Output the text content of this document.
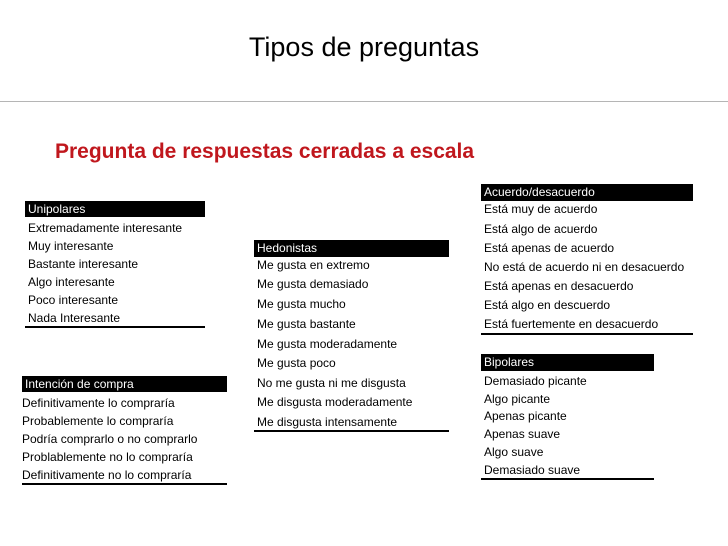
Tipos de preguntas
Pregunta de respuestas cerradas a escala
Unipolares
Extremadamente interesante
Muy interesante
Bastante interesante
Algo interesante
Poco interesante
Nada Interesante
Intención de compra
Definitivamente lo compraría
Probablemente lo compraría
Podría comprarlo o no comprarlo
Problablemente no lo compraría
Definitivamente no lo compraría
Hedonistas
Me gusta en extremo
Me gusta demasiado
Me gusta mucho
Me gusta bastante
Me gusta moderadamente
Me gusta poco
No me gusta ni me disgusta
Me disgusta moderadamente
Me disgusta intensamente
Acuerdo/desacuerdo
Está muy de acuerdo
Está algo de acuerdo
Está apenas de acuerdo
No está de acuerdo ni en desacuerdo
Está apenas en desacuerdo
Está algo en descuerdo
Está fuertemente en desacuerdo
Bipolares
Demasiado picante
Algo picante
Apenas picante
Apenas suave
Algo suave
Demasiado suave
